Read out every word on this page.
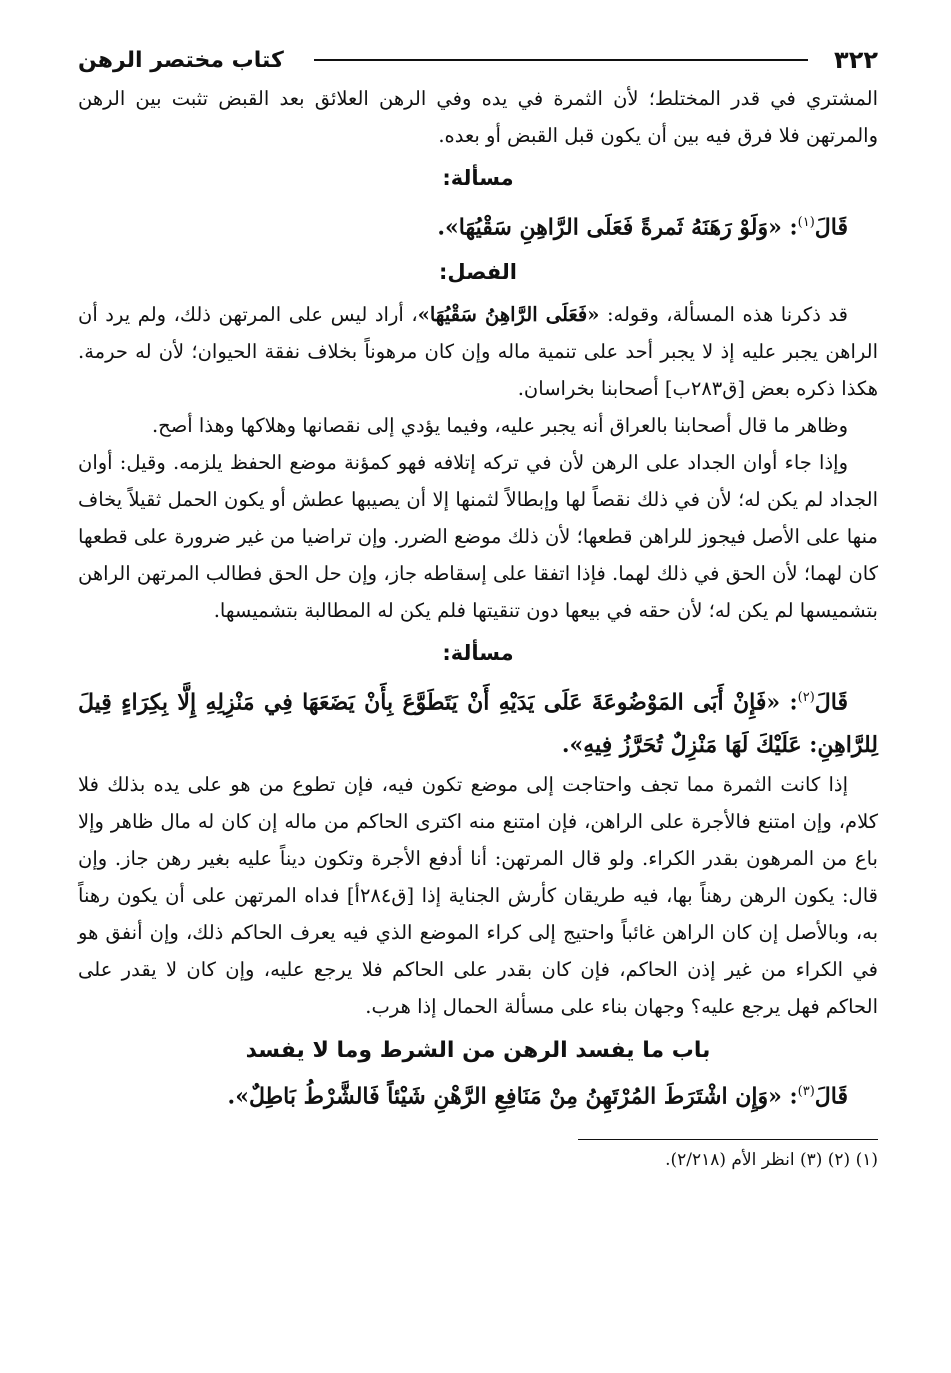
٣٢٢
كتاب مختصر الرهن

المشتري في قدر المختلط؛ لأن الثمرة في يده وفي الرهن العلائق بعد القبض تثبت بين الرهن والمرتهن فلا فرق فيه بين أن يكون قبل القبض أو بعده.

مسألة:

قَالَ$^{(١)}$: «وَلَوْ رَهَنَهُ ثَمرةً فَعَلَى الرَّاهِنِ سَقْيُهَا».

الفصل:

قد ذكرنا هذه المسألة، وقوله: «فَعَلَى الرَّاهِنُ سَقْيُهَا»، أراد ليس على المرتهن ذلك، ولم يرد أن الراهن يجبر عليه إذ لا يجبر أحد على تنمية ماله وإن كان مرهوناً بخلاف نفقة الحيوان؛ لأن له حرمة. هكذا ذكره بعض [ق٢٨٣ب] أصحابنا بخراسان.

وظاهر ما قال أصحابنا بالعراق أنه يجبر عليه، وفيما يؤدي إلى نقصانها وهلاكها وهذا أصح.

وإذا جاء أوان الجداد على الرهن لأن في تركه إتلافه فهو كمؤنة موضع الحفظ يلزمه. وقيل: أوان الجداد لم يكن له؛ لأن في ذلك نقصاً لها وإبطالاً لثمنها إلا أن يصيبها عطش أو يكون الحمل ثقيلاً يخاف منها على الأصل فيجوز للراهن قطعها؛ لأن ذلك موضع الضرر. وإن تراضيا من غير ضرورة على قطعها كان لهما؛ لأن الحق في ذلك لهما. فإذا اتفقا على إسقاطه جاز، وإن حل الحق فطالب المرتهن الراهن بتشميسها لم يكن له؛ لأن حقه في بيعها دون تنقيتها فلم يكن له المطالبة بتشميسها.

مسألة:

قَالَ$^{(٢)}$: «فَإِنْ أَبَى المَوْضُوعَةَ عَلَى يَدَيْهِ أَنْ يَتَطَوَّعَ بِأَنْ يَضَعَهَا فِي مَنْزِلِهِ إِلَّا بِكِرَاءٍ قِيلَ لِلرَّاهِنِ: عَلَيْكَ لَهَا مَنْزِلٌ تُحَرَّزُ فِيهِ».

إذا كانت الثمرة مما تجف واحتاجت إلى موضع تكون فيه، فإن تطوع من هو على يده بذلك فلا كلام، وإن امتنع فالأجرة على الراهن، فإن امتنع منه اكترى الحاكم من ماله إن كان له مال ظاهر وإلا باع من المرهون بقدر الكراء. ولو قال المرتهن: أنا أدفع الأجرة وتكون ديناً عليه بغير رهن جاز. وإن قال: يكون الرهن رهناً بها، فيه طريقان كأرش الجناية إذا [ق٢٨٤أ] فداه المرتهن على أن يكون رهناً به، وبالأصل إن كان الراهن غائباً واحتيج إلى كراء الموضع الذي فيه يعرف الحاكم ذلك، وإن أنفق هو في الكراء من غير إذن الحاكم، فإن كان بقدر على الحاكم فلا يرجع عليه، وإن كان لا يقدر على الحاكم فهل يرجع عليه؟ وجهان بناء على مسألة الحمال إذا هرب.

باب ما يفسد الرهن من الشرط وما لا يفسد

قَالَ$^{(٣)}$: «وَإِن اشْتَرَطَ المُرْتَهِنُ مِنْ مَنَافِعِ الرَّهْنِ شَيْئاً فَالشَّرْطُ بَاطِلٌ».

(١) (٢) (٣) انظر الأم (٢/٢١٨).
